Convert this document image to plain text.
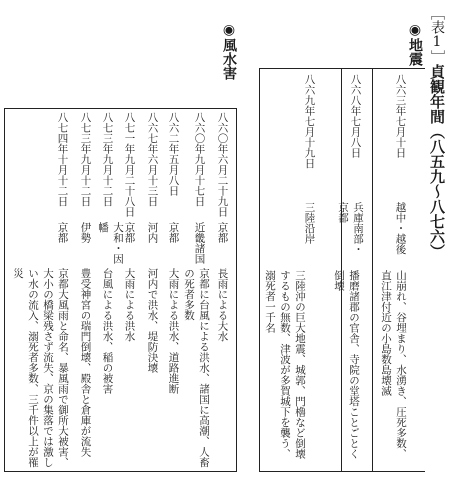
［表1］貞観年間（八五九〜八七六）
◉地震
八六三年七月十日
越中・越後
山崩れ、谷埋まり、水湧き、圧死多数、直江津付近の小島数島壊滅
八六八年七月八日
兵庫南部・京都
播磨諸郡の官舎、寺院の堂塔ことごとく倒壊
八六九年七月十九日
三陸沿岸
三陸沖の巨大地震、城郭、門櫓など倒壊するもの無数、津波が多賀城下を襲う、溺死者一千名
◉風水害
八六〇年六月二十九日
京都
長雨による大水
八六〇年九月十七日
近畿諸国
京都に台風による洪水、諸国に高潮、人畜の死者多数
八六二年五月八日
京都
大雨による洪水、道路進断
八六七年六月十三日
河内
河内で洪水、堤防決壊
八七一年九月二十八日
京都
大雨による洪水
八七三年九月十二日
大和・因幡
台風による洪水、稲の被害
八七三年九月十二日
伊勢
豊受神宮の瑞門倒壊、殿舎と倉庫が流失
八七四年十月十二日
京都
京都大風雨と命名、暴風雨で御所大被害、大小の橋梁残さず流失、京の集落では激しい水の流入、溺死者多数、三千件以上が罹災
